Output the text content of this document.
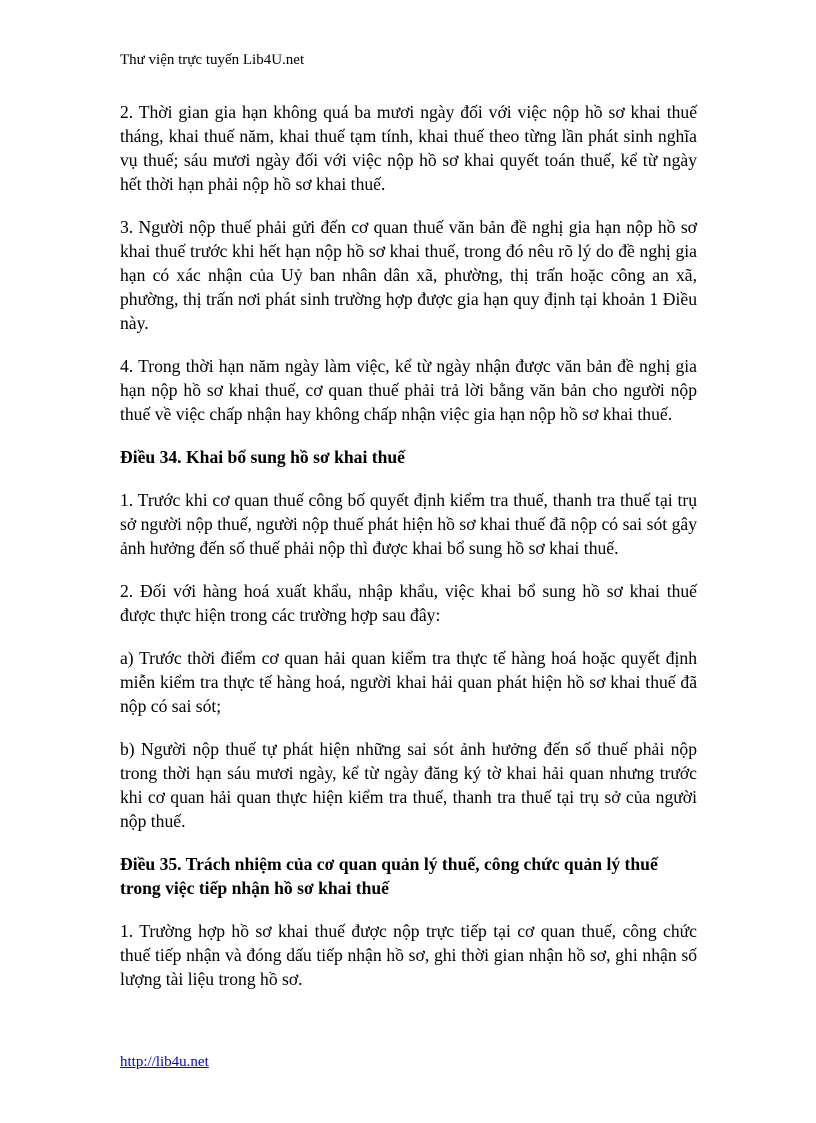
Thư viện trực tuyến Lib4U.net

2. Thời gian gia hạn không quá ba mươi ngày đối với việc nộp hồ sơ khai thuế tháng, khai thuế năm, khai thuế tạm tính, khai thuế theo từng lần phát sinh nghĩa vụ thuế; sáu mươi ngày đối với việc nộp hồ sơ khai quyết toán thuế, kể từ ngày hết thời hạn phải nộp hồ sơ khai thuế.

3. Người nộp thuế phải gửi đến cơ quan thuế văn bản đề nghị gia hạn nộp hồ sơ khai thuế trước khi hết hạn nộp hồ sơ khai thuế, trong đó nêu rõ lý do đề nghị gia hạn có xác nhận của Uỷ ban nhân dân xã, phường, thị trấn hoặc công an xã, phường, thị trấn nơi phát sinh trường hợp được gia hạn quy định tại khoản 1 Điều này.

4. Trong thời hạn năm ngày làm việc, kể từ ngày nhận được văn bản đề nghị gia hạn nộp hồ sơ khai thuế, cơ quan thuế phải trả lời bằng văn bản cho người nộp thuế về việc chấp nhận hay không chấp nhận việc gia hạn nộp hồ sơ khai thuế.

Điều 34. Khai bổ sung hồ sơ khai thuế

1. Trước khi cơ quan thuế công bố quyết định kiểm tra thuế, thanh tra thuế tại trụ sở người nộp thuế, người nộp thuế phát hiện hồ sơ khai thuế đã nộp có sai sót gây ảnh hưởng đến số thuế phải nộp thì được khai bổ sung hồ sơ khai thuế.

2. Đối với hàng hoá xuất khẩu, nhập khẩu, việc khai bổ sung hồ sơ khai thuế được thực hiện trong các trường hợp sau đây:

a) Trước thời điểm cơ quan hải quan kiểm tra thực tế hàng hoá hoặc quyết định miễn kiểm tra thực tế hàng hoá, người khai hải quan phát hiện hồ sơ khai thuế đã nộp có sai sót;

b) Người nộp thuế tự phát hiện những sai sót ảnh hưởng đến số thuế phải nộp trong thời hạn sáu mươi ngày, kể từ ngày đăng ký tờ khai hải quan nhưng trước khi cơ quan hải quan thực hiện kiểm tra thuế, thanh tra thuế tại trụ sở của người nộp thuế.

Điều 35. Trách nhiệm của cơ quan quản lý thuế, công chức quản lý thuế trong việc tiếp nhận hồ sơ khai thuế

1. Trường hợp hồ sơ khai thuế được nộp trực tiếp tại cơ quan thuế, công chức thuế tiếp nhận và đóng dấu tiếp nhận hồ sơ, ghi thời gian nhận hồ sơ, ghi nhận số lượng tài liệu trong hồ sơ.

http://lib4u.net
